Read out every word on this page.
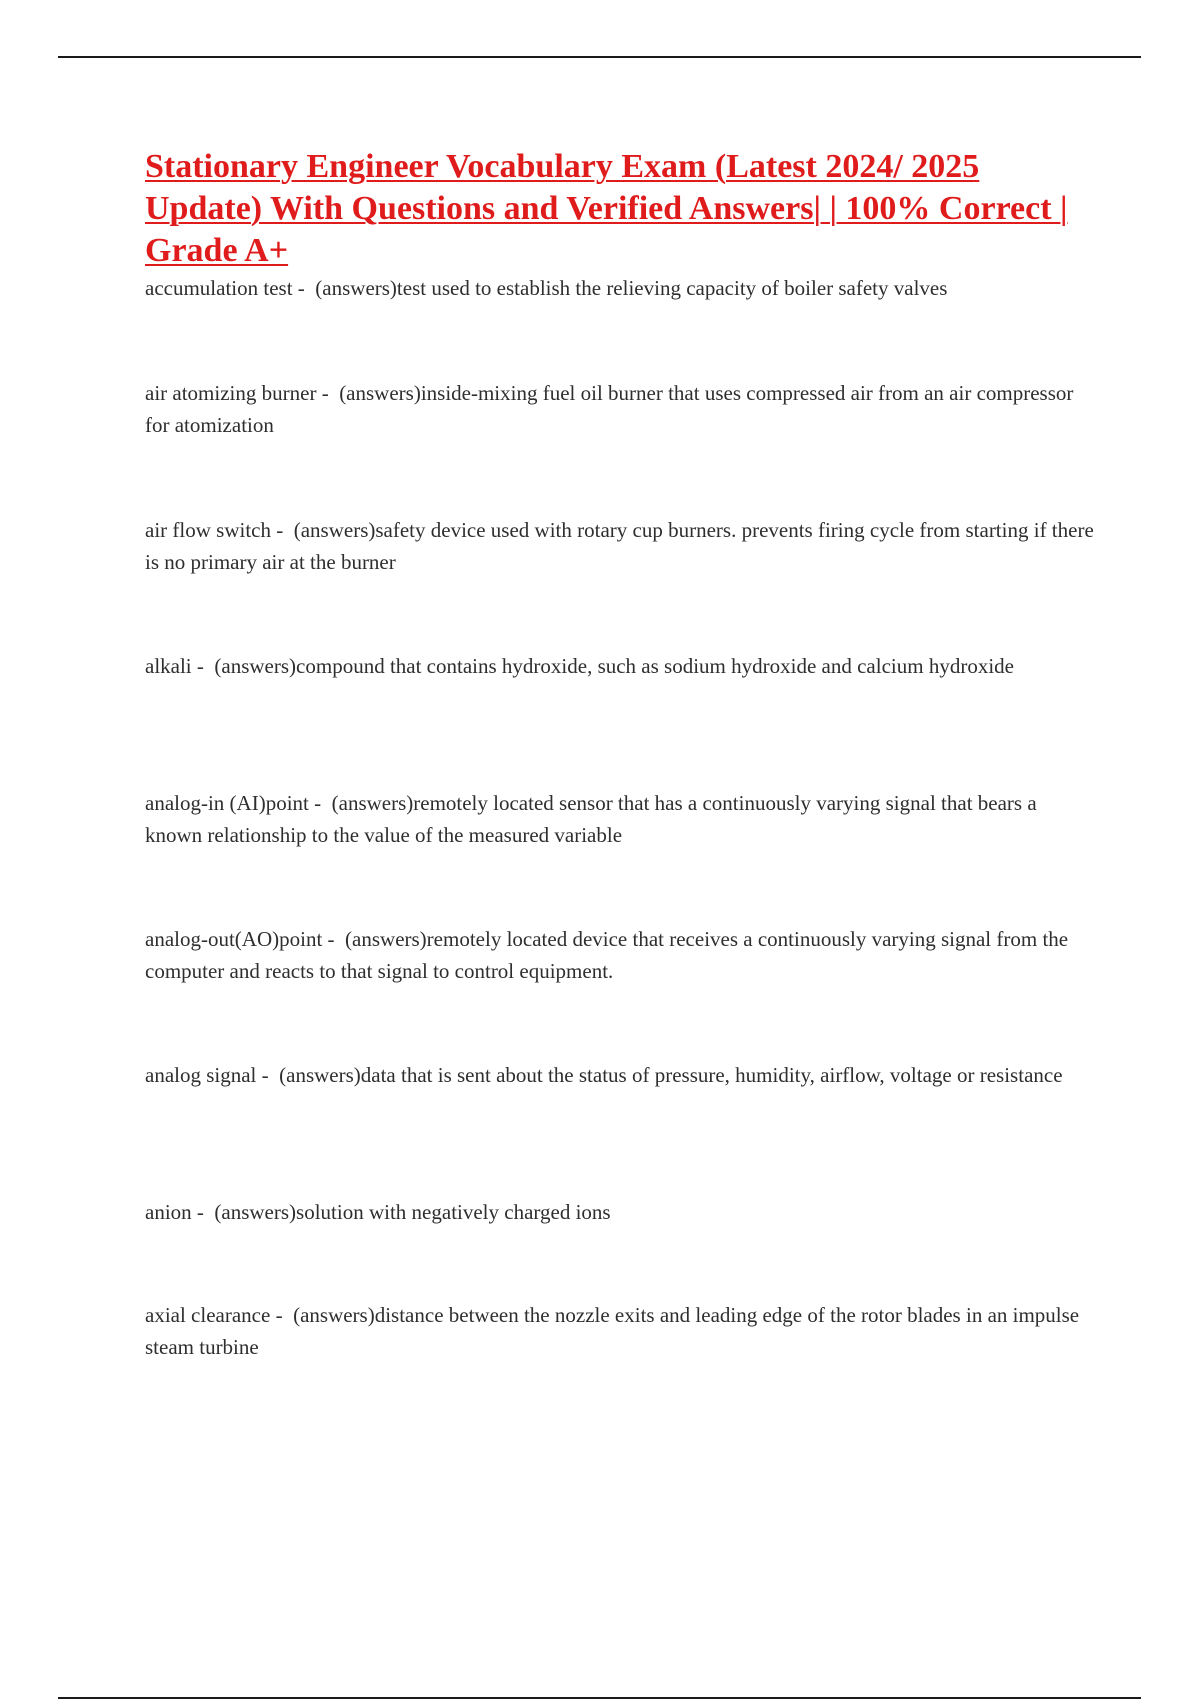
Stationary Engineer Vocabulary Exam (Latest 2024/ 2025 Update) With Questions and Verified Answers| | 100% Correct | Grade A+
accumulation test -  (answers)test used to establish the relieving capacity of boiler safety valves
air atomizing burner -  (answers)inside-mixing fuel oil burner that uses compressed air from an air compressor for atomization
air flow switch -  (answers)safety device used with rotary cup burners. prevents firing cycle from starting if there is no primary air at the burner
alkali -  (answers)compound that contains hydroxide, such as sodium hydroxide and calcium hydroxide
analog-in (AI)point -  (answers)remotely located sensor that has a continuously varying signal that bears a known relationship to the value of the measured variable
analog-out(AO)point -  (answers)remotely located device that receives a continuously varying signal from the computer and reacts to that signal to control equipment.
analog signal -  (answers)data that is sent about the status of pressure, humidity, airflow, voltage or resistance
anion -  (answers)solution with negatively charged ions
axial clearance -  (answers)distance between the nozzle exits and leading edge of the rotor blades in an impulse steam turbine
